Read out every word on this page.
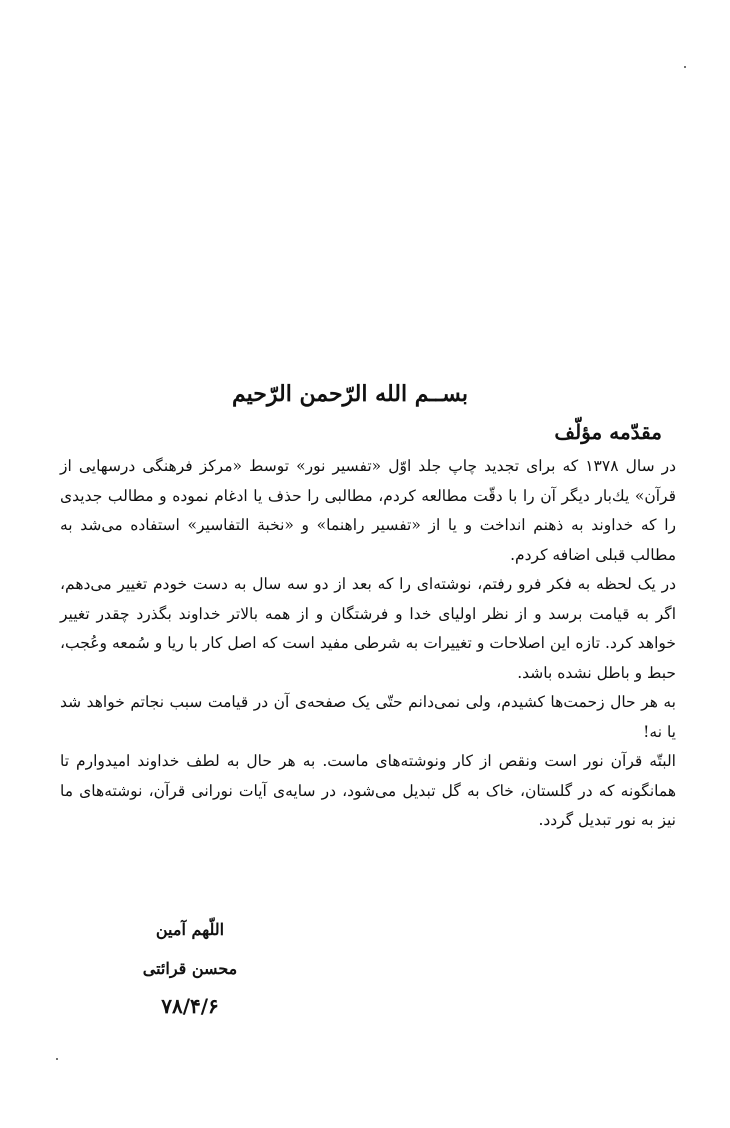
بســم الله الرّحمن الرّحيم
مقدّمه مؤلّف

در سال ۱۳۷۸ كه براى تجديد چاپ جلد اوّل «تفسير نور» توسط «مركز فرهنگى درسهايى از قرآن» يك‌بار ديگر آن را با دقّت مطالعه كردم، مطالبى را حذف يا ادغام نموده و مطالب جديدى را كه خداوند به ذهنم انداخت و يا از «تفسير راهنما» و «نخبة التفاسير» استفاده مى‌شد به مطالب قبلى اضافه كردم.

در يک لحظه به فكر فرو رفتم، نوشته‌اى را كه بعد از دو سه سال به دست خودم تغيير مى‌دهم، اگر به قيامت برسد و از نظر اولياى خدا و فرشتگان و از همه بالاتر خداوند بگذرد چقدر تغيير خواهد كرد. تازه اين اصلاحات و تغييرات به شرطى مفيد است كه اصل كار با ريا و سُمعه وعُجب، حبط و باطل نشده باشد.

به هر حال زحمت‌ها كشيدم، ولى نمى‌دانم حتّى يک صفحه‌ى آن در قيامت سبب نجاتم خواهد شد يا نه!

البتّه قرآن نور است ونقص از كار ونوشته‌هاى ماست. به هر حال به لطف خداوند اميدوارم تا همانگونه كه در گلستان، خاک به گل تبديل مى‌شود، در سايه‌ى آيات نورانى قرآن، نوشته‌هاى ما نيز به نور تبديل گردد.

اللّهم آمين
محسن قرائتى
۷۸/۴/۶
